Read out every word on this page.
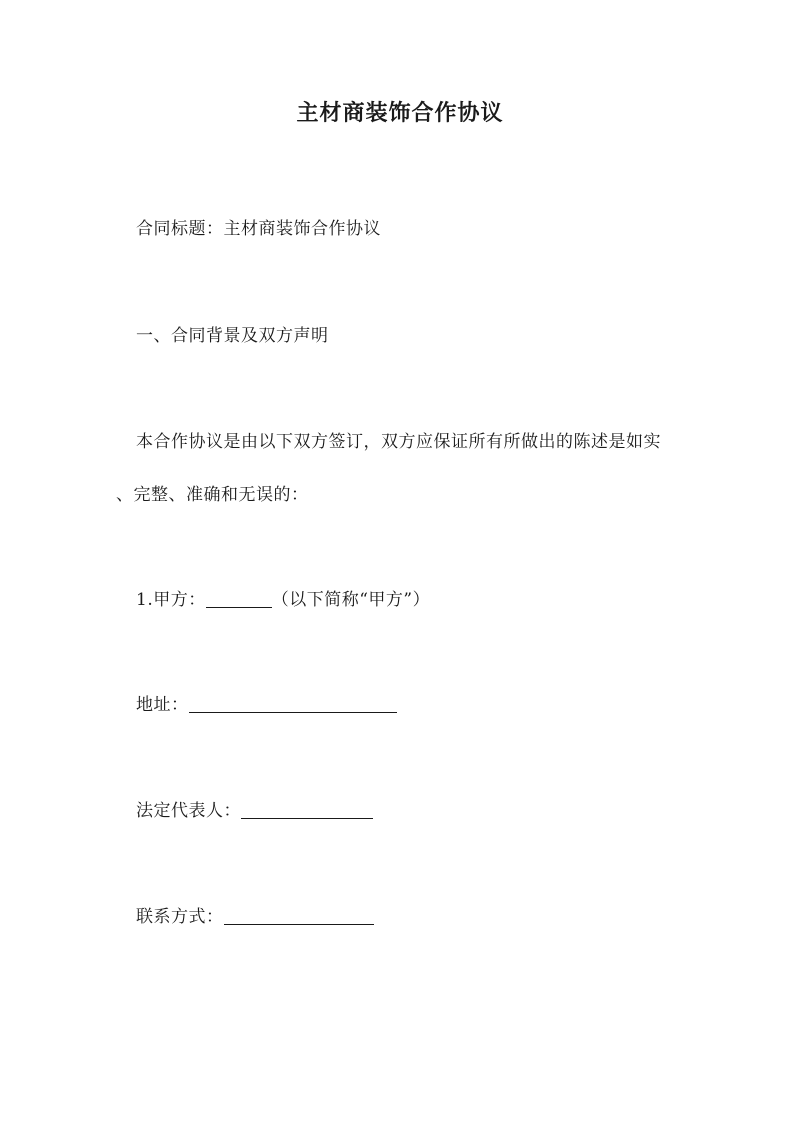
主材商装饰合作协议
合同标题：主材商装饰合作协议
一、合同背景及双方声明
本合作协议是由以下双方签订，双方应保证所有所做出的陈述是如实
、完整、准确和无误的：
1.甲方：	（以下简称“甲方”）
地址：
法定代表人：
联系方式：
